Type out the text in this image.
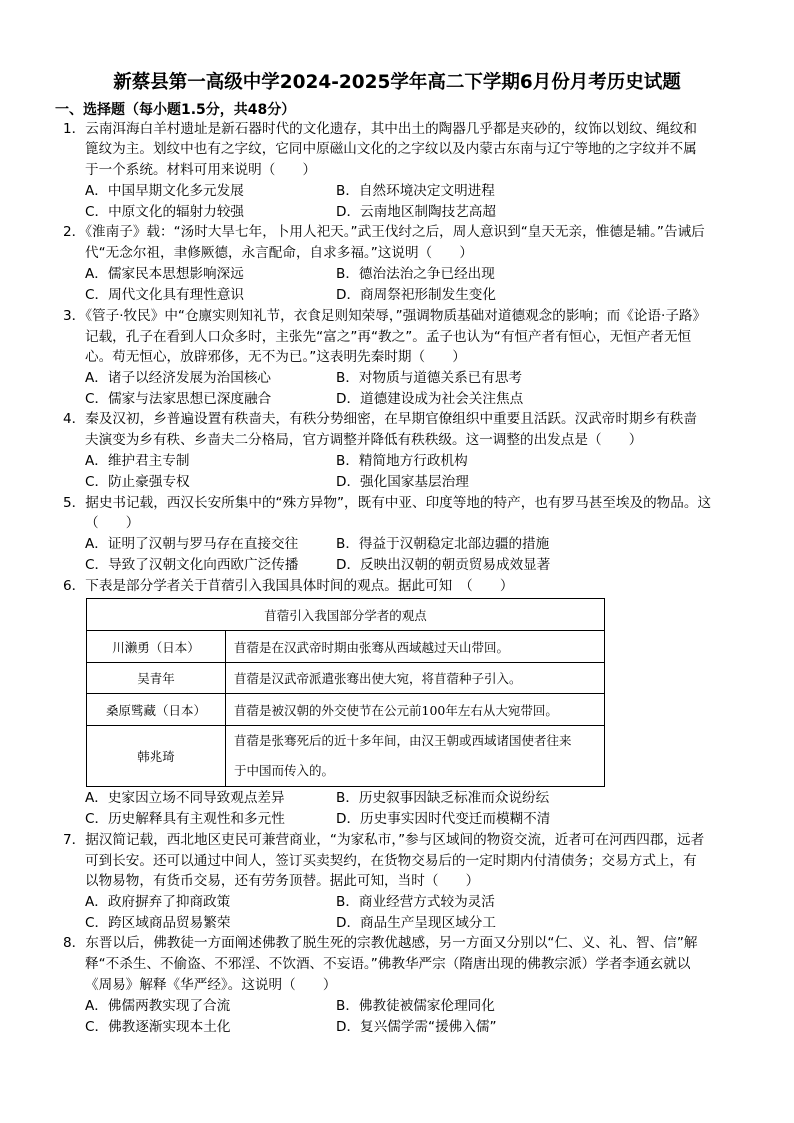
新蔡县第一高级中学2024-2025学年高二下学期6月份月考历史试题
一、选择题（每小题1.5分，共48分）
1．云南洱海白羊村遗址是新石器时代的文化遗存，其中出土的陶器几乎都是夹砂的，纹饰以划纹、绳纹和
篦纹为主。划纹中也有之字纹，它同中原磁山文化的之字纹以及内蒙古东南与辽宁等地的之字纹并不属
于一个系统。材料可用来说明（　　）
A．中国早期文化多元发展	B．自然环境决定文明进程
C．中原文化的辐射力较强	D．云南地区制陶技艺高超
2．《淮南子》载：“汤时大旱七年，卜用人祀天。”武王伐纣之后，周人意识到“皇天无亲，惟德是辅。”告诫后
代“无念尔祖，聿修厥德，永言配命，自求多福。”这说明（　　）
A．儒家民本思想影响深远	B．德治法治之争已经出现
C．周代文化具有理性意识	D．商周祭祀形制发生变化
3．《管子·牧民》中“仓廪实则知礼节，衣食足则知荣辱，”强调物质基础对道德观念的影响；而《论语·子路》
记载，孔子在看到人口众多时，主张先“富之”再“教之”。孟子也认为“有恒产者有恒心，无恒产者无恒
心。苟无恒心，放辟邪侈，无不为已。”这表明先秦时期（　　）
A．诸子以经济发展为治国核心	B．对物质与道德关系已有思考
C．儒家与法家思想已深度融合	D．道德建设成为社会关注焦点
4．秦及汉初，乡普遍设置有秩啬夫，有秩分势细密，在早期官僚组织中重要且活跃。汉武帝时期乡有秩啬
夫演变为乡有秩、乡啬夫二分格局，官方调整并降低有秩秩级。这一调整的出发点是（　　）
A．维护君主专制	B．精简地方行政机构
C．防止豪强专权	D．强化国家基层治理
5．据史书记载，西汉长安所集中的“殊方异物”，既有中亚、印度等地的特产，也有罗马甚至埃及的物品。这
（　　）
A．证明了汉朝与罗马存在直接交往	B．得益于汉朝稳定北部边疆的措施
C．导致了汉朝文化向西欧广泛传播	D．反映出汉朝的朝贡贸易成效显著
6．下表是部分学者关于苜蓿引入我国具体时间的观点。据此可知　（　　）
苜蓿引入我国部分学者的观点	
川濑勇（日本）	苜蓿是在汉武帝时期由张骞从西域越过天山带回。
吴青年	苜蓿是汉武帝派遣张骞出使大宛，将苜蓿种子引入。
桑原骘藏（日本）	苜蓿是被汉朝的外交使节在公元前100年左右从大宛带回。
韩兆琦	苜蓿是张骞死后的近十多年间，由汉王朝或西域诸国使者往来
于中国而传入的。
A．史家因立场不同导致观点差异	B．历史叙事因缺乏标准而众说纷纭
C．历史解释具有主观性和多元性	D．历史事实因时代变迁而模糊不清
7．据汉简记载，西北地区吏民可兼营商业，“为家私市，”参与区域间的物资交流，近者可在河西四郡，远者
可到长安。还可以通过中间人，签订买卖契约，在货物交易后的一定时期内付清债务；交易方式上，有
以物易物，有货币交易，还有劳务顶替。据此可知，当时（　　）
A．政府摒弃了抑商政策	B．商业经营方式较为灵活
C．跨区域商品贸易繁荣	D．商品生产呈现区域分工
8．东晋以后，佛教徒一方面阐述佛教了脱生死的宗教优越感，另一方面又分别以“仁、义、礼、智、信”解
释“不杀生、不偷盗、不邪淫、不饮酒、不妄语。”佛教华严宗（隋唐出现的佛教宗派）学者李通玄就以
《周易》解释《华严经》。这说明（　　）
A．佛儒两教实现了合流	B．佛教徒被儒家伦理同化
C．佛教逐渐实现本土化	D．复兴儒学需“援佛入儒”
